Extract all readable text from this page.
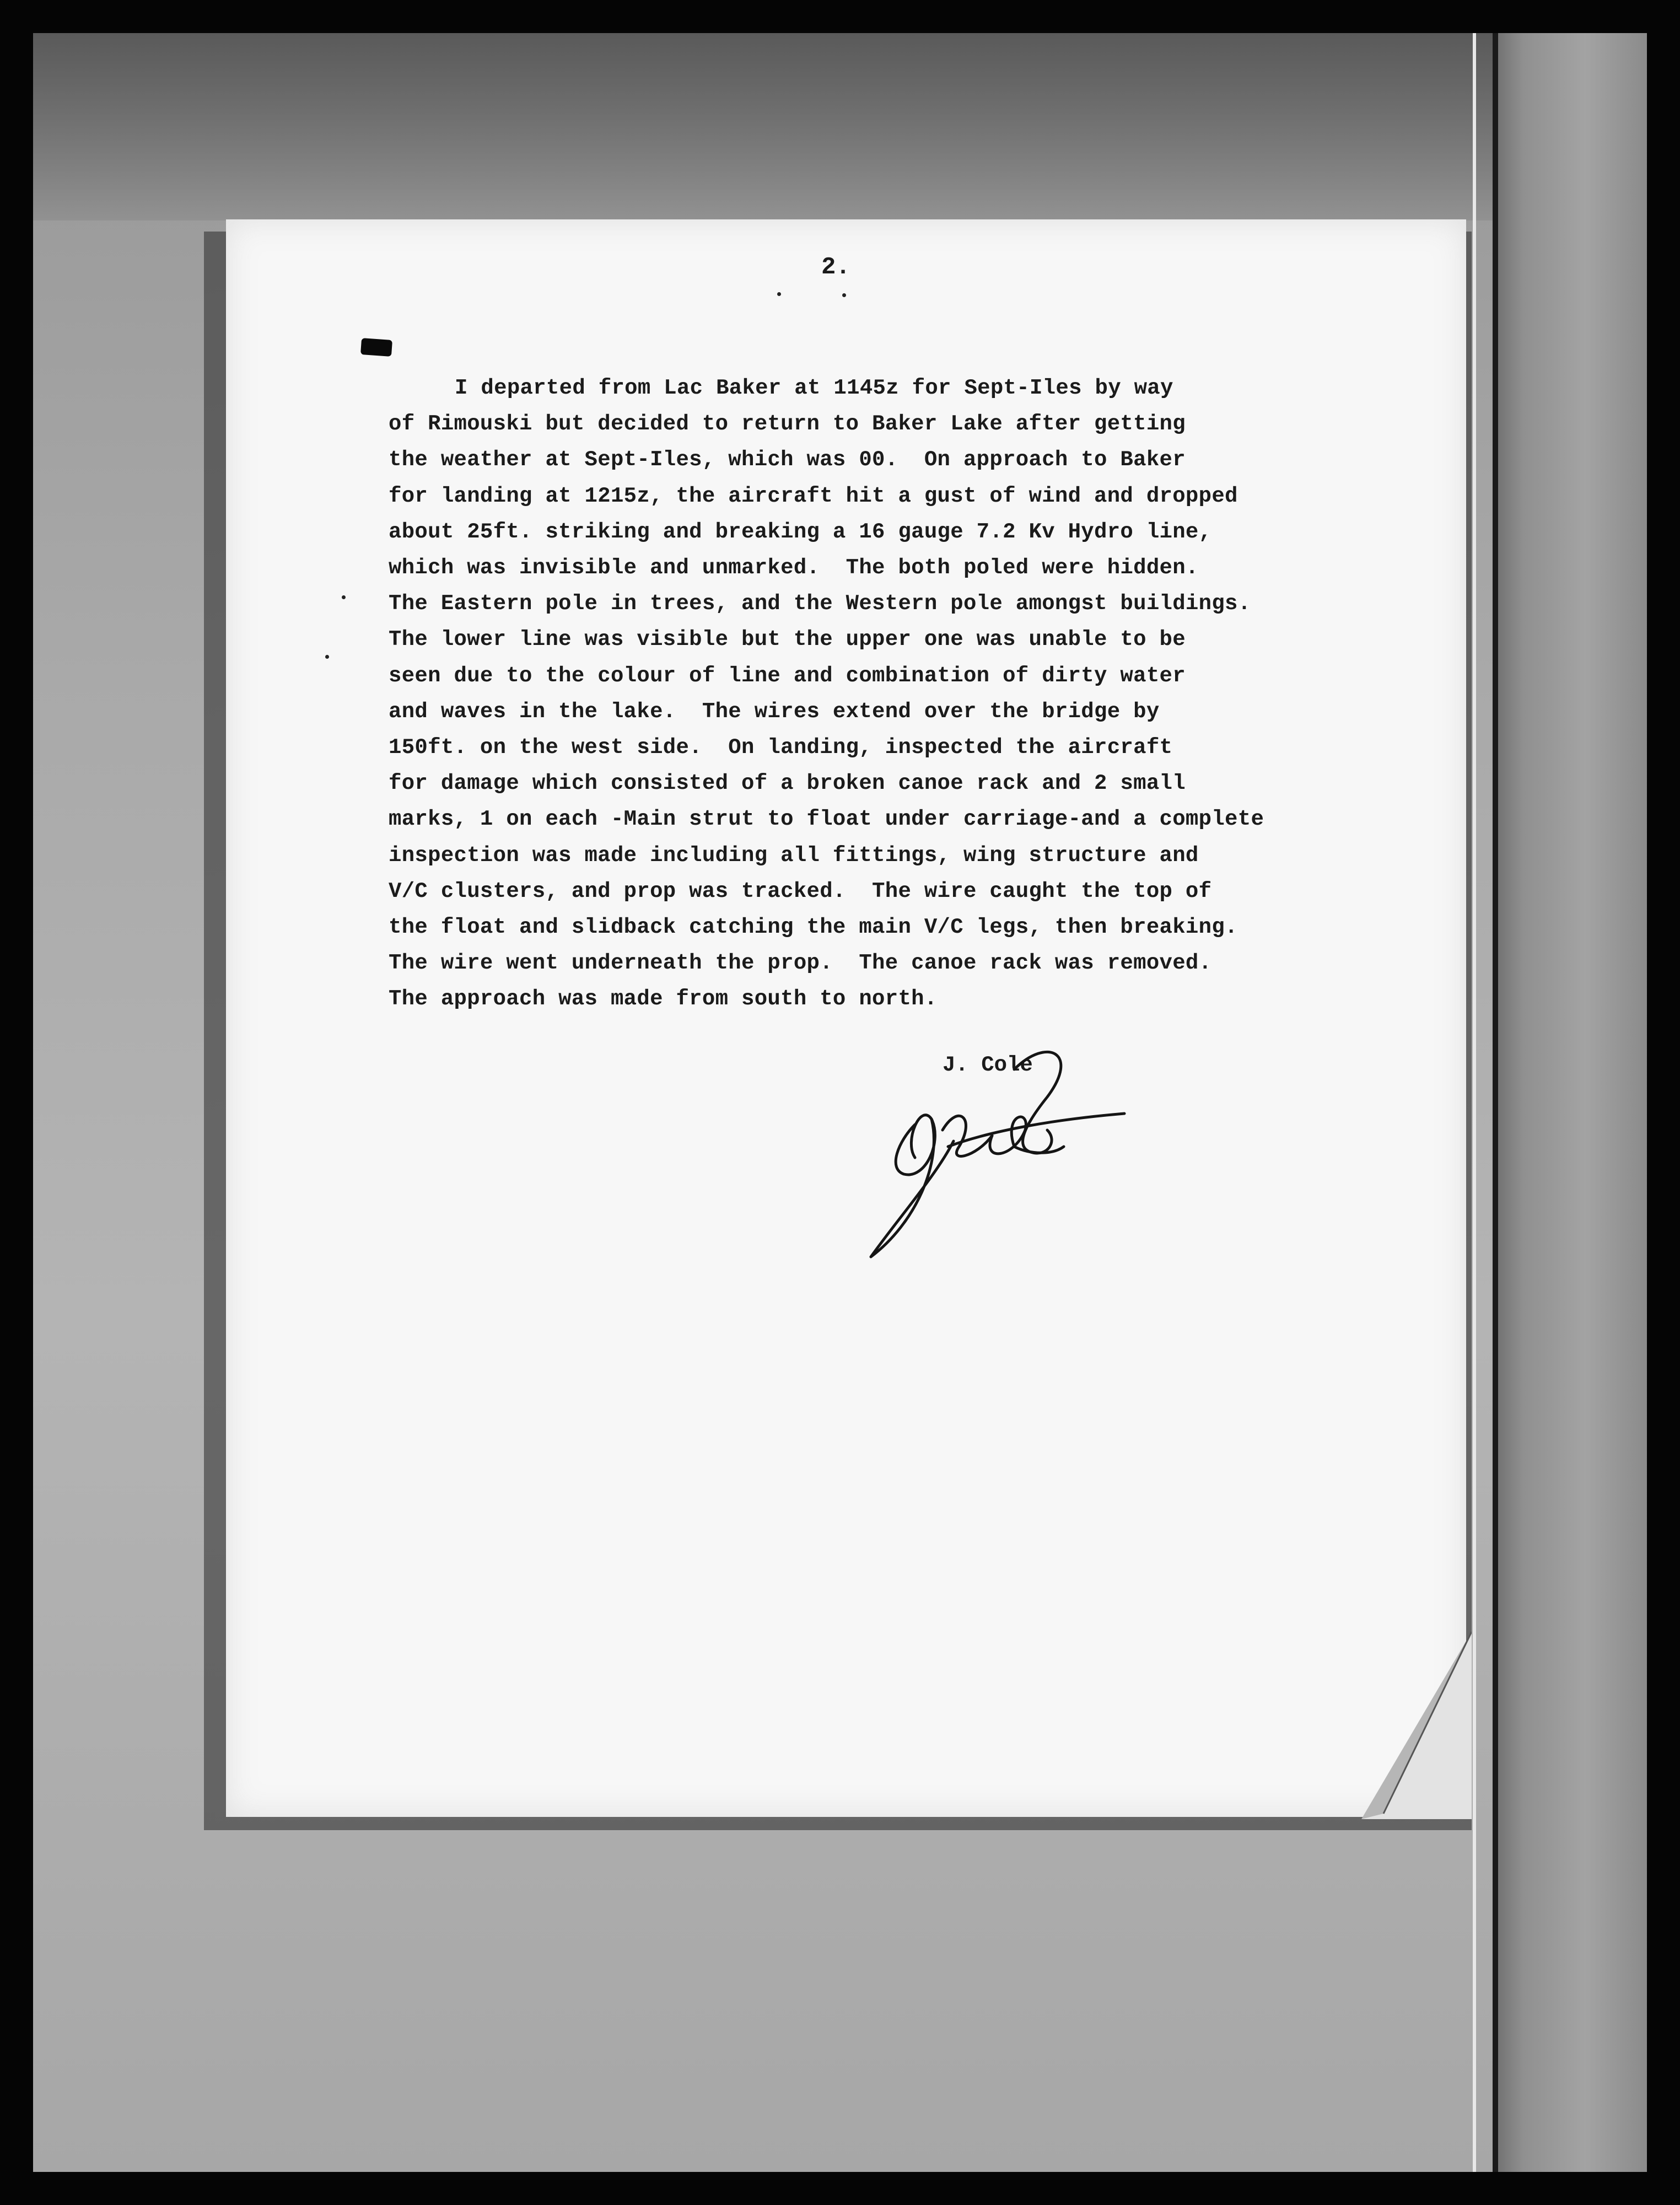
2.
I departed from Lac Baker at 1145z for Sept-Iles by way
of Rimouski but decided to return to Baker Lake after getting
the weather at Sept-Iles, which was 00.  On approach to Baker
for landing at 1215z, the aircraft hit a gust of wind and dropped
about 25ft. striking and breaking a 16 gauge 7.2 Kv Hydro line,
which was invisible and unmarked.  The both poled were hidden.
The Eastern pole in trees, and the Western pole amongst buildings.
The lower line was visible but the upper one was unable to be
seen due to the colour of line and combination of dirty water
and waves in the lake.  The wires extend over the bridge by
150ft. on the west side.  On landing, inspected the aircraft
for damage which consisted of a broken canoe rack and 2 small
marks, 1 on each -Main strut to float under carriage-and a complete
inspection was made including all fittings, wing structure and
V/C clusters, and prop was tracked.  The wire caught the top of
the float and slidback catching the main V/C legs, then breaking.
The wire went underneath the prop.  The canoe rack was removed.
The approach was made from south to north.
J. Cole
